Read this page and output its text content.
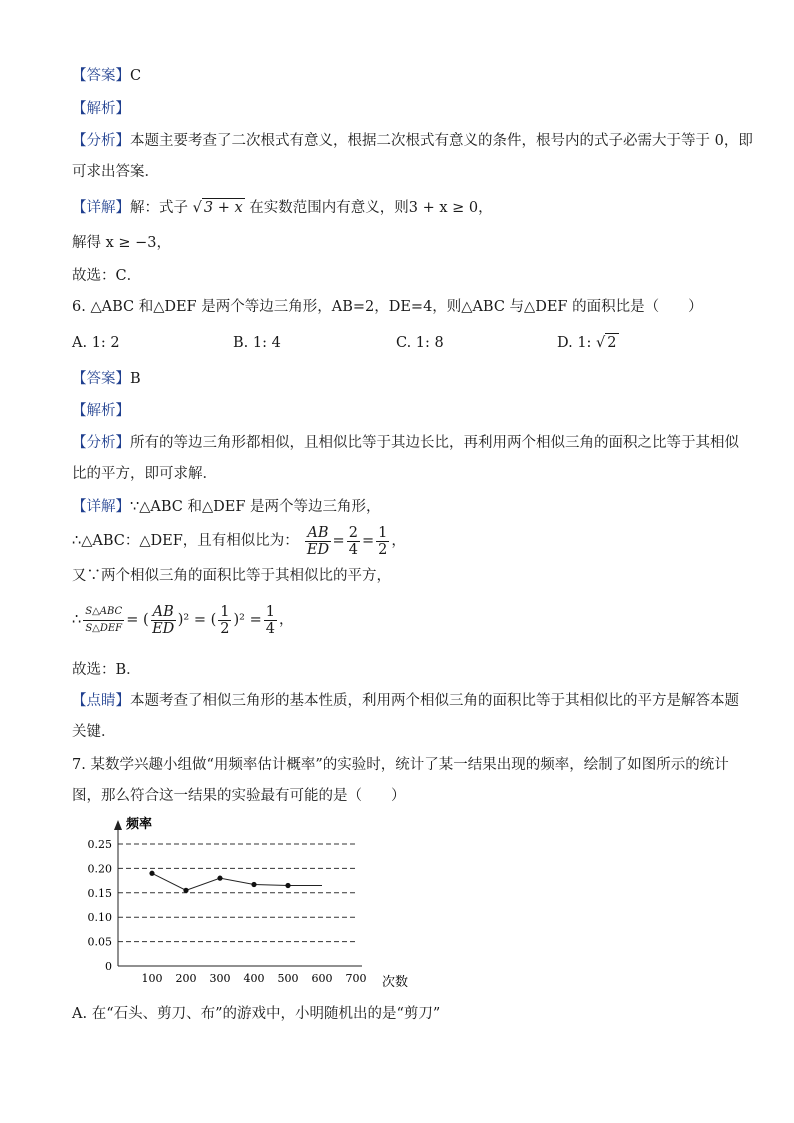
【答案】C
【解析】
【分析】本题主要考查了二次根式有意义，根据二次根式有意义的条件，根号内的式子必需大于等于 0，即
可求出答案．
【详解】解：式子 √ 3 + x 在实数范围内有意义，则3 + x ≥ 0，
解得 x ≥ −3，
故选：C．
6. △ABC 和△DEF 是两个等边三角形，AB=2，DE=4，则△ABC 与△DEF 的面积比是（　　）
A. 1: 2	B. 1: 4	C. 1: 8	D. 1: √ 2
【答案】B
【解析】
【分析】所有的等边三角形都相似，且相似比等于其边长比，再利用两个相似三角的面积之比等于其相似
比的平方，即可求解．
【详解】∵△ABC 和△DEF 是两个等边三角形，
∴△ABC：△DEF，且有相似比为： $\frac{AB}{ED} = \frac{2}{4} = \frac{1}{2}$ ，
又∵两个相似三角的面积比等于其相似比的平方，
∴ $\frac{\text{S△ABC}}{\text{S△DEF}}$ = ( $\frac{AB}{ED} )^2$ = ( $\frac{1}{2} )^2 = \frac{1}{4}$ ，
故选：B．
【点睛】本题考查了相似三角形的基本性质，利用两个相似三角的面积比等于其相似比的平方是解答本题
关键．
7. 某数学兴趣小组做“用频率估计概率”的实验时，统计了某一结果出现的频率，绘制了如图所示的统计
图，那么符合这一结果的实验最有可能的是（　　）
0
0.05
0.10
0.15
0.20
0.25
100 200 300 400 500 600 700
频率
次数
A. 在“石头、剪刀、布”的游戏中，小明随机出的是“剪刀”
